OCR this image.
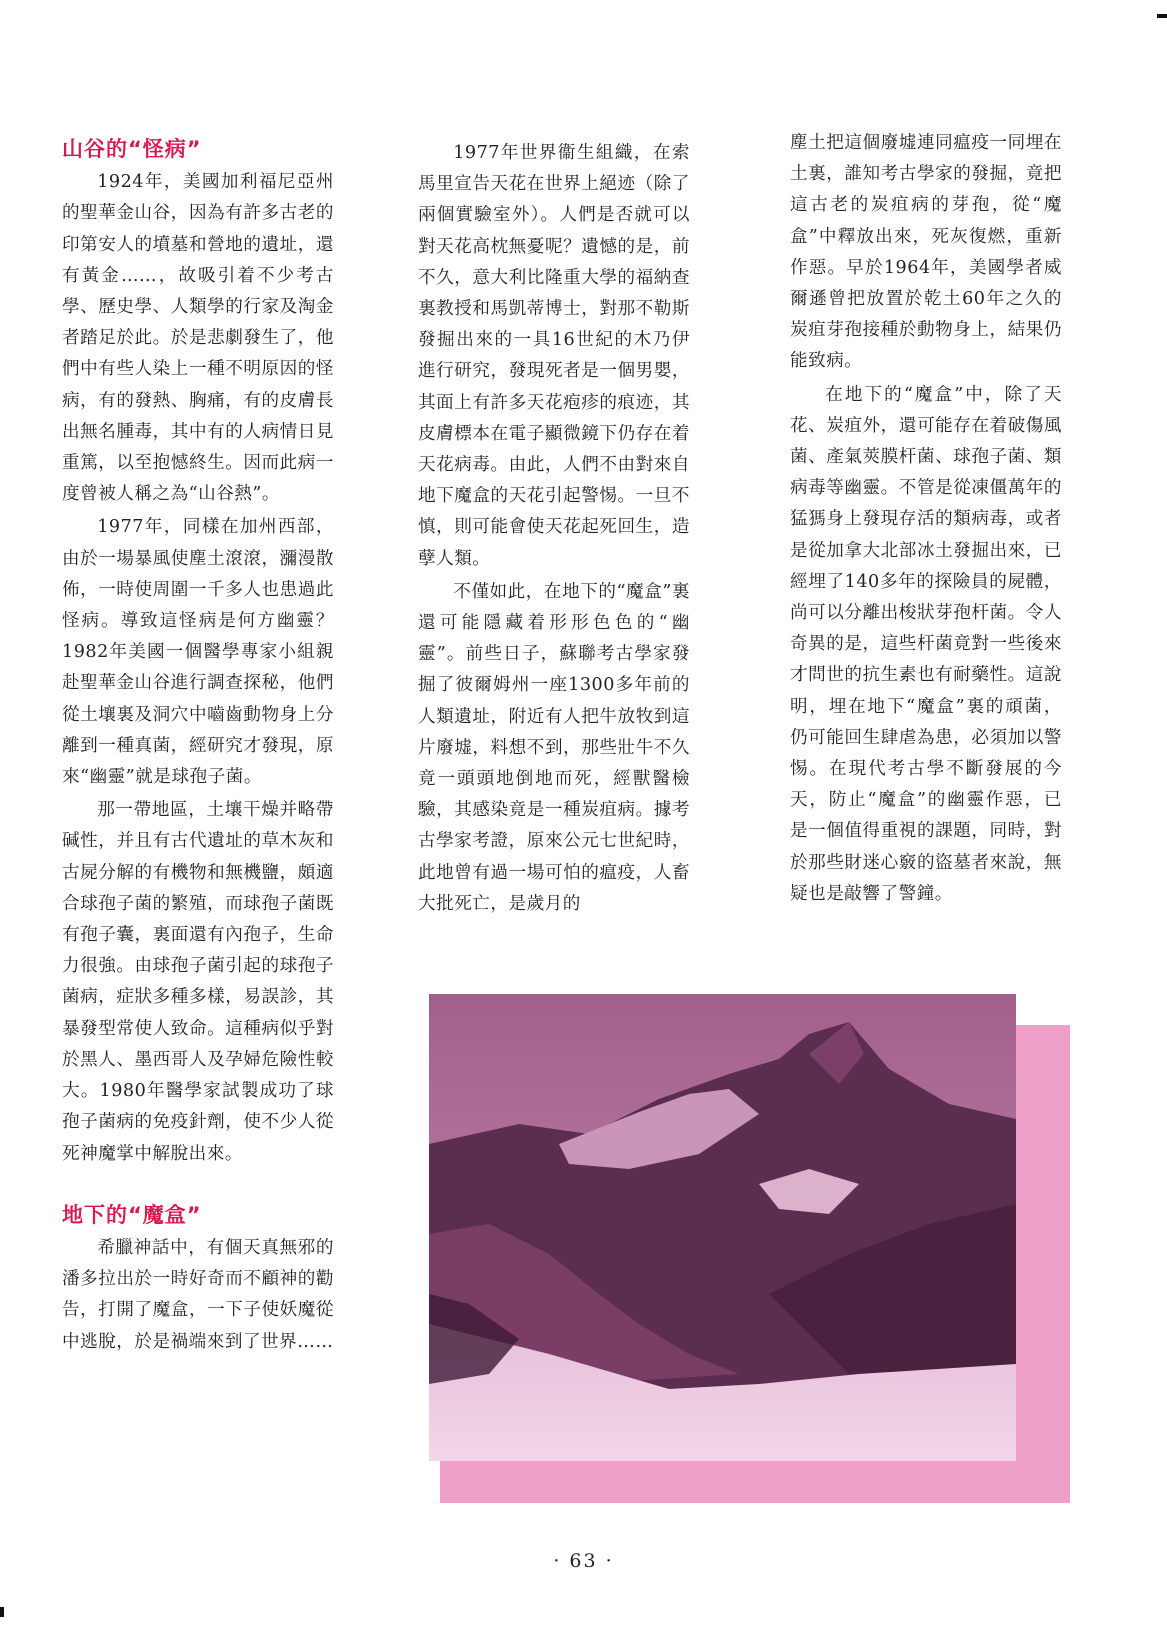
山谷的“怪病”

1924年，美國加利福尼亞州的聖華金山谷，因為有許多古老的印第安人的墳墓和營地的遺址，還有黃金……，故吸引着不少考古學、歷史學、人類學的行家及淘金者踏足於此。於是悲劇發生了，他們中有些人染上一種不明原因的怪病，有的發熱、胸痛，有的皮膚長出無名腫毒，其中有的人病情日見重篤，以至抱憾終生。因而此病一度曾被人稱之為“山谷熱”。

1977年，同樣在加州西部，由於一場暴風使塵土滾滾，瀰漫散佈，一時使周圍一千多人也患過此怪病。導致這怪病是何方幽靈？1982年美國一個醫學專家小組親赴聖華金山谷進行調查探秘，他們從土壤裏及洞穴中嚙齒動物身上分離到一種真菌，經研究才發現，原來“幽靈”就是球孢子菌。

那一帶地區，土壤干燥并略帶碱性，并且有古代遺址的草木灰和古屍分解的有機物和無機鹽，頗適合球孢子菌的繁殖，而球孢子菌既有孢子囊，裏面還有內孢子，生命力很強。由球孢子菌引起的球孢子菌病，症狀多種多樣，易誤診，其暴發型常使人致命。這種病似乎對於黑人、墨西哥人及孕婦危險性較大。1980年醫學家試製成功了球孢子菌病的免疫針劑，使不少人從死神魔掌中解脫出來。

地下的“魔盒”

希臘神話中，有個天真無邪的潘多拉出於一時好奇而不顧神的勸告，打開了魔盒，一下子使妖魔從中逃脫，於是禍端來到了世界……

1977年世界衞生組織，在索馬里宣告天花在世界上絕迹（除了兩個實驗室外）。人們是否就可以對天花高枕無憂呢？遺憾的是，前不久，意大利比隆重大學的福納查裏教授和馬凱蒂博士，對那不勒斯發掘出來的一具16世紀的木乃伊進行研究，發現死者是一個男嬰，其面上有許多天花疱疹的痕迹，其皮膚標本在電子顯微鏡下仍存在着天花病毒。由此，人們不由對來自地下魔盒的天花引起警惕。一旦不慎，則可能會使天花起死回生，造孽人類。

不僅如此，在地下的“魔盒”裏還可能隱藏着形形色色的“幽靈”。前些日子，蘇聯考古學家發掘了彼爾姆州一座1300多年前的人類遺址，附近有人把牛放牧到這片廢墟，料想不到，那些壯牛不久竟一頭頭地倒地而死，經獸醫檢驗，其感染竟是一種炭疽病。據考古學家考證，原來公元七世紀時，此地曾有過一場可怕的瘟疫，人畜大批死亡，是歲月的

塵土把這個廢墟連同瘟疫一同埋在土裏，誰知考古學家的發掘，竟把這古老的炭疽病的芽孢，從“魔盒”中釋放出來，死灰復燃，重新作惡。早於1964年，美國學者威爾遜曾把放置於乾土60年之久的炭疽芽孢接種於動物身上，結果仍能致病。

在地下的“魔盒”中，除了天花、炭疽外，還可能存在着破傷風菌、產氣莢膜杆菌、球孢子菌、類病毒等幽靈。不管是從凍僵萬年的猛獁身上發現存活的類病毒，或者是從加拿大北部冰土發掘出來，已經埋了140多年的探險員的屍體，尚可以分離出梭狀芽孢杆菌。令人奇異的是，這些杆菌竟對一些後來才問世的抗生素也有耐藥性。這說明，埋在地下“魔盒”裏的頑菌，仍可能回生肆虐為患，必須加以警惕。在現代考古學不斷發展的今天，防止“魔盒”的幽靈作惡，已是一個值得重視的課題，同時，對於那些財迷心竅的盜墓者來說，無疑也是敲響了警鐘。

· 63 ·
